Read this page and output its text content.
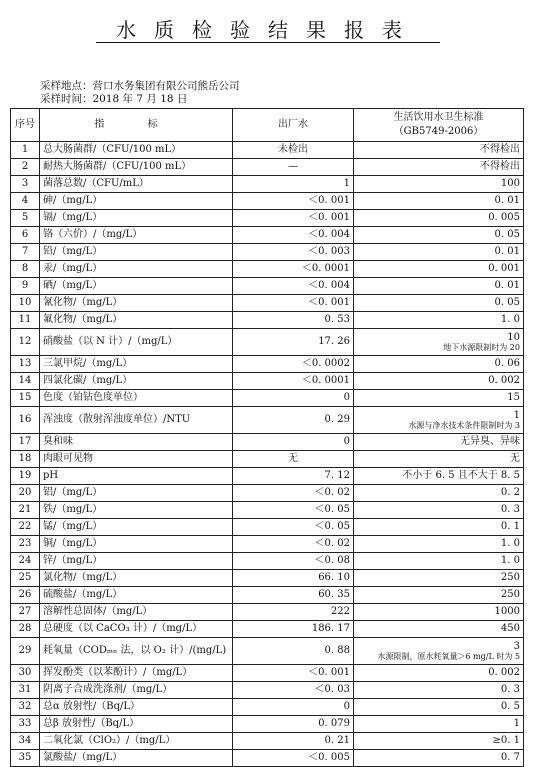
水质检验结果报表
采样地点：营口水务集团有限公司熊岳公司
采样时间：2018 年 7 月 18 日
序号	指 标	出厂水	生活饮用水卫生标准
（GB5749-2006）

1	总大肠菌群/（CFU/100 mL）	未检出	不得检出
2	耐热大肠菌群/（CFU/100 mL）	—	不得检出
3	菌落总数/（CFU/mL）	1	100
4	砷/（mg/L）	＜0. 001	0. 01
5	镉/（mg/L）	＜0. 001	0. 005
6	铬（六价）/（mg/L）	＜0. 004	0. 05
7	铅/（mg/L）	＜0. 003	0. 01
8	汞/（mg/L）	＜0. 0001	0. 001
9	硒/（mg/L）	＜0. 004	0. 01
10	氰化物/（mg/L）	＜0. 001	0. 05
11	氟化物/（mg/L）	0. 53	1. 0
12	硝酸盐（以 N 计）/（mg/L）	17. 26	10
地下水源限制时为 20

13	三氯甲烷/（mg/L）	＜0. 0002	0. 06
14	四氯化碳/（mg/L）	＜0. 0001	0. 002
15	色度（铂钴色度单位）	0	15
16	浑浊度（散射浑浊度单位）/NTU	0. 29	1
水源与净水技术条件限制时为 3

17	臭和味	0	无异臭、异味
18	肉眼可见物	无	无
19	pH	7. 12	不小于 6. 5 且不大于 8. 5
20	铝/（mg/L）	＜0. 02	0. 2
21	铁/（mg/L）	＜0. 05	0. 3
22	锰/（mg/L）	＜0. 05	0. 1
23	铜/（mg/L）	＜0. 02	1. 0
24	锌/（mg/L）	＜0. 08	1. 0
25	氯化物/（mg/L）	66. 10	250
26	硫酸盐/（mg/L）	60. 35	250
27	溶解性总固体/（mg/L）	222	1000
28	总硬度（以 CaCO₃ 计）/（mg/L）	186. 17	450
29	耗氧量（CODₘₙ 法，以 O₂ 计）/(mg/L)	0. 88	3
水源限制，原水耗氧量＞6 mg/L 时为 5

30	挥发酚类（以苯酚计）/（mg/L）	＜0. 001	0. 002
31	阴离子合成洗涤剂/（mg/L）	＜0. 03	0. 3
32	总α 放射性/（Bq/L）	0	0. 5
33	总β 放射性/（Bq/L）	0. 079	1
34	二氧化氯（ClO₂）/（mg/L）	0. 21	≥0. 1
35	氯酸盐/（mg/L）	＜0. 005	0. 7
